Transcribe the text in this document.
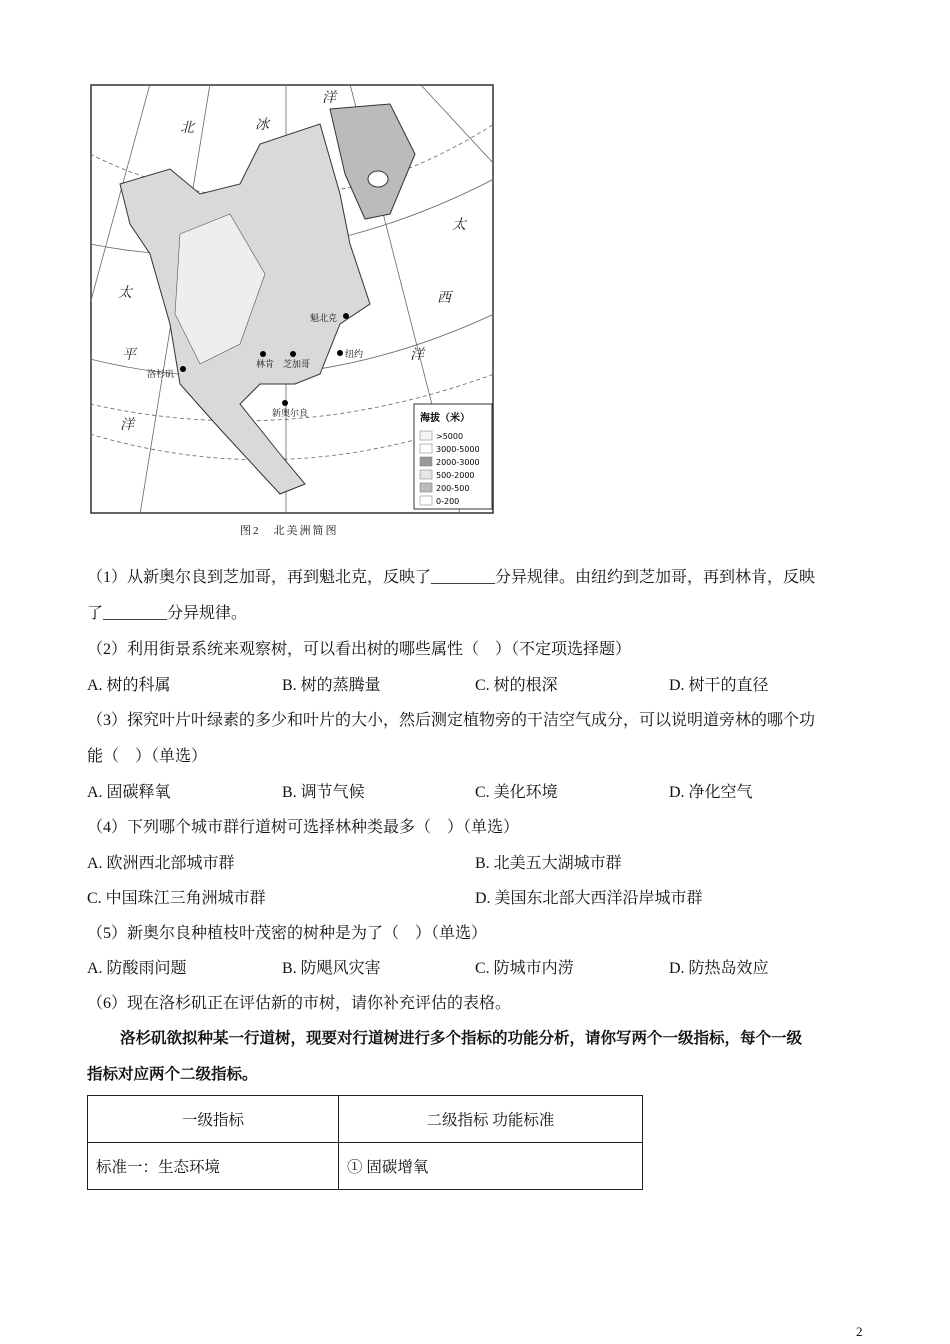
北	冰
洋
太
西
洋
太
平
洋
魁北克
林肯 芝加哥
纽约
洛杉矶
新奥尔良	海拔（米）
>5000
3000-5000
2000-3000
500-2000
200-500
0-200
图2　北美洲简图
（1）从新奥尔良到芝加哥，再到魁北克，反映了________分异规律。由纽约到芝加哥，再到林肯，反映
了________分异规律。
（2）利用街景系统来观察树，可以看出树的哪些属性（　）（不定项选择题）
A. 树的科属	B. 树的蒸腾量	C. 树的根深	D. 树干的直径
（3）探究叶片叶绿素的多少和叶片的大小，然后测定植物旁的干洁空气成分，可以说明道旁林的哪个功
能（　）（单选）
A. 固碳释氧	B. 调节气候	C. 美化环境	D. 净化空气
（4）下列哪个城市群行道树可选择林种类最多（　）（单选）
A. 欧洲西北部城市群	B. 北美五大湖城市群
C. 中国珠江三角洲城市群	D. 美国东北部大西洋沿岸城市群
（5）新奥尔良种植枝叶茂密的树种是为了（　）（单选）
A. 防酸雨问题	B. 防飓风灾害	C. 防城市内涝	D. 防热岛效应
（6）现在洛杉矶正在评估新的市树，请你补充评估的表格。
洛杉矶欲拟种某一行道树，现要对行道树进行多个指标的功能分析，请你写两个一级指标，每个一级
指标对应两个二级指标。
一级指标	二级指标 功能标准
标准一：生态环境	① 固碳增氧
2
